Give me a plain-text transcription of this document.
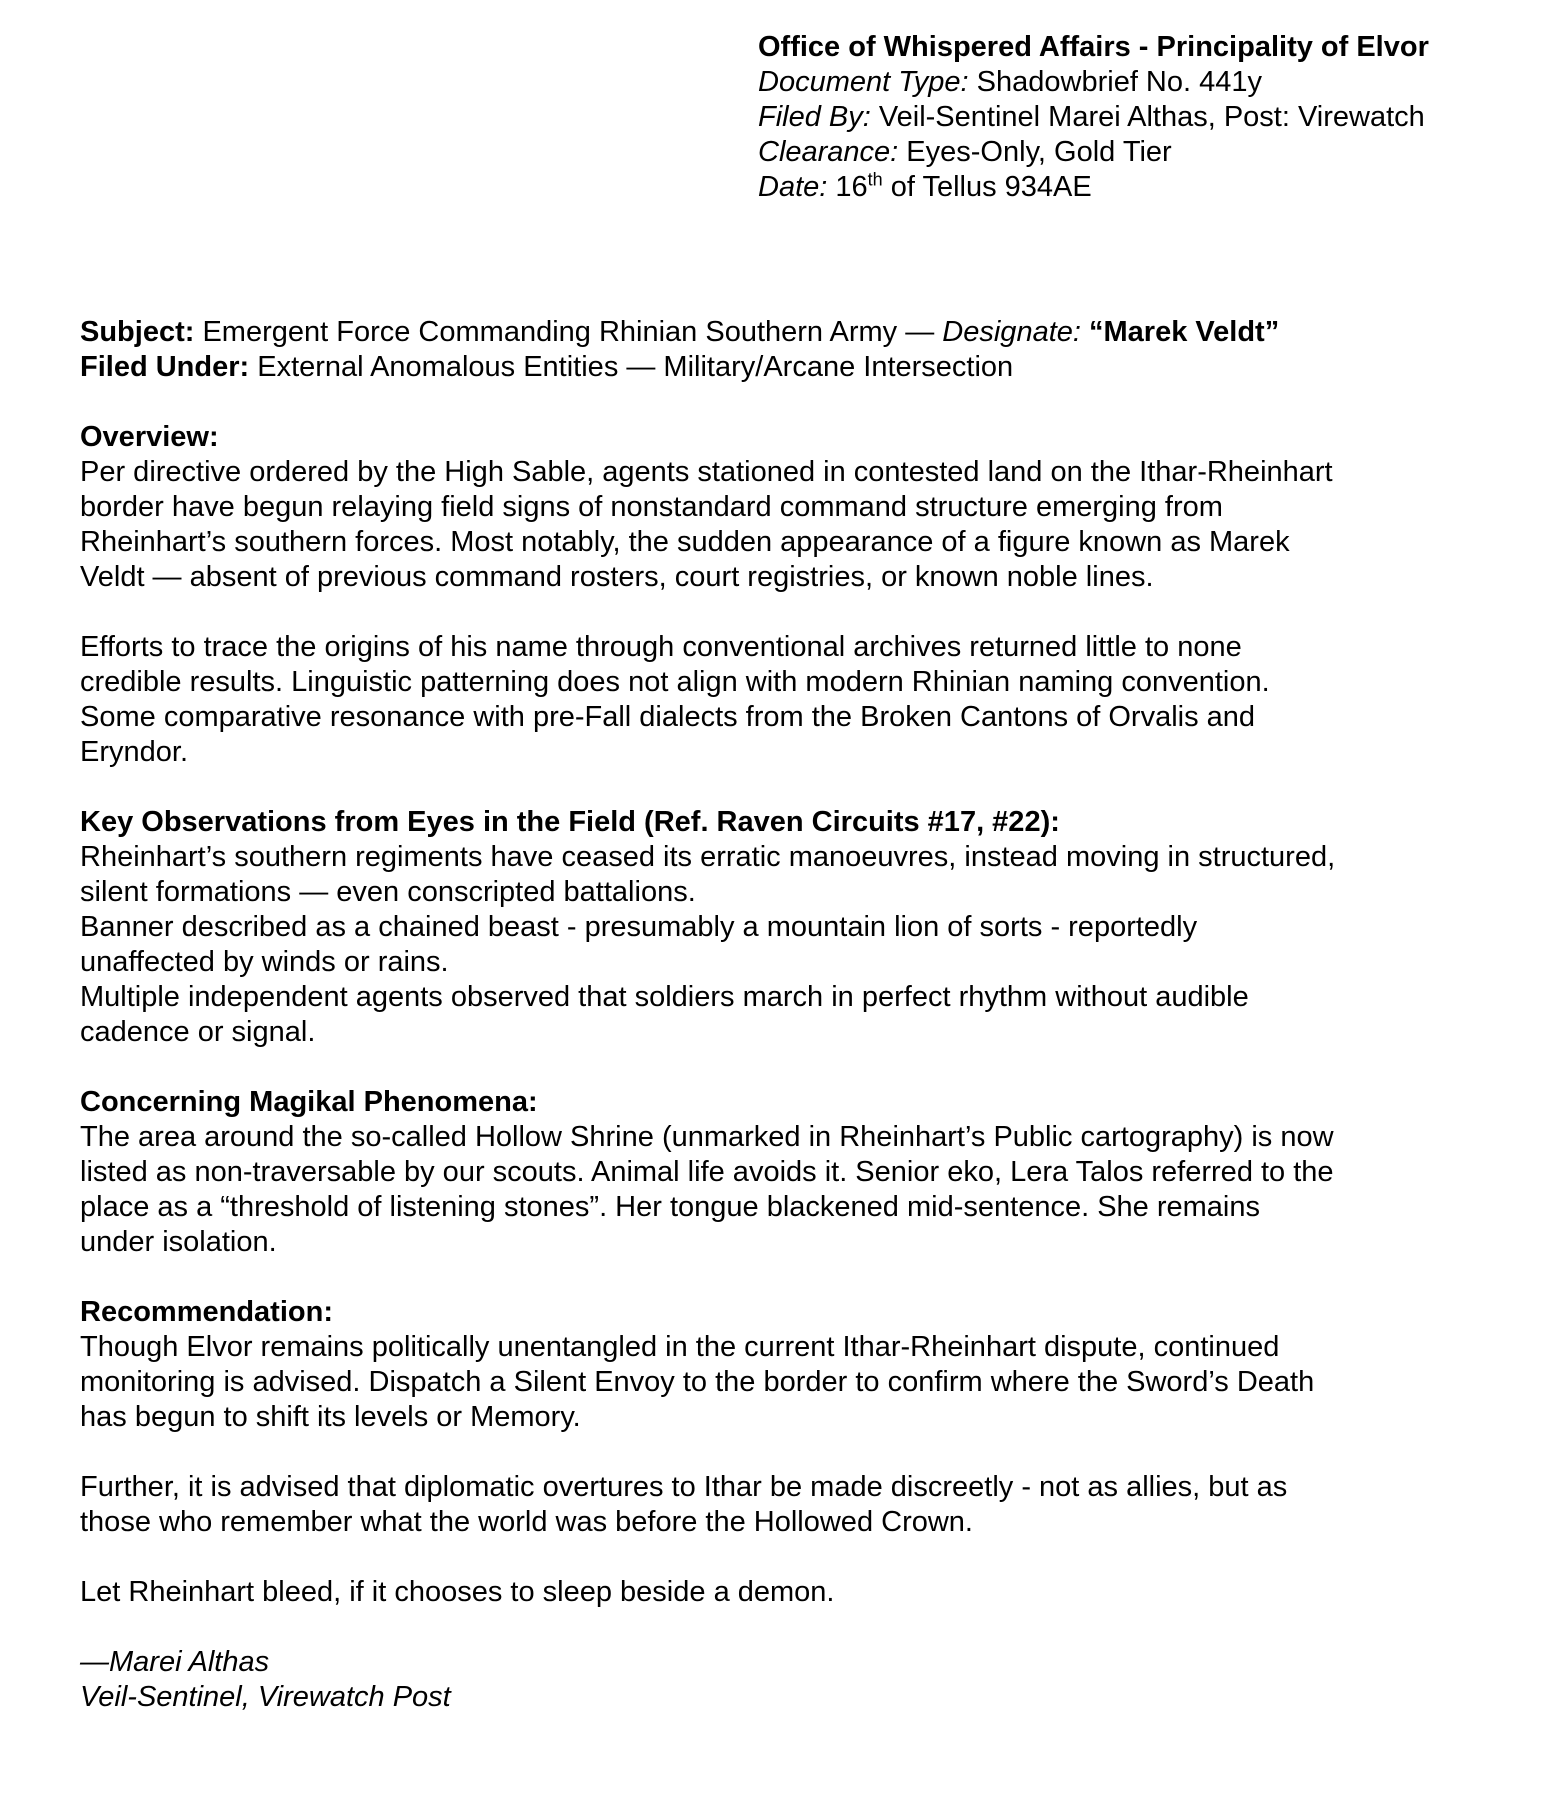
Office of Whispered Affairs - Principality of Elvor
Document Type: Shadowbrief No. 441y
Filed By: Veil-Sentinel Marei Althas, Post: Virewatch
Clearance: Eyes-Only, Gold Tier
Date: 16th of Tellus 934AE
Subject: Emergent Force Commanding Rhinian Southern Army — Designate: “Marek Veldt”
Filed Under: External Anomalous Entities — Military/Arcane Intersection
Overview:
Per directive ordered by the High Sable, agents stationed in contested land on the Ithar-Rheinhart
border have begun relaying field signs of nonstandard command structure emerging from
Rheinhart’s southern forces. Most notably, the sudden appearance of a figure known as Marek
Veldt — absent of previous command rosters, court registries, or known noble lines.
Efforts to trace the origins of his name through conventional archives returned little to none
credible results. Linguistic patterning does not align with modern Rhinian naming convention.
Some comparative resonance with pre-Fall dialects from the Broken Cantons of Orvalis and
Eryndor.
Key Observations from Eyes in the Field (Ref. Raven Circuits #17, #22):
Rheinhart’s southern regiments have ceased its erratic manoeuvres, instead moving in structured,
silent formations — even conscripted battalions.
Banner described as a chained beast - presumably a mountain lion of sorts - reportedly
unaffected by winds or rains.
Multiple independent agents observed that soldiers march in perfect rhythm without audible
cadence or signal.
Concerning Magikal Phenomena:
The area around the so-called Hollow Shrine (unmarked in Rheinhart’s Public cartography) is now
listed as non-traversable by our scouts. Animal life avoids it. Senior eko, Lera Talos referred to the
place as a “threshold of listening stones”. Her tongue blackened mid-sentence. She remains
under isolation.
Recommendation:
Though Elvor remains politically unentangled in the current Ithar-Rheinhart dispute, continued
monitoring is advised. Dispatch a Silent Envoy to the border to confirm where the Sword’s Death
has begun to shift its levels or Memory.
Further, it is advised that diplomatic overtures to Ithar be made discreetly - not as allies, but as
those who remember what the world was before the Hollowed Crown.
Let Rheinhart bleed, if it chooses to sleep beside a demon.
—Marei Althas
Veil-Sentinel, Virewatch Post
